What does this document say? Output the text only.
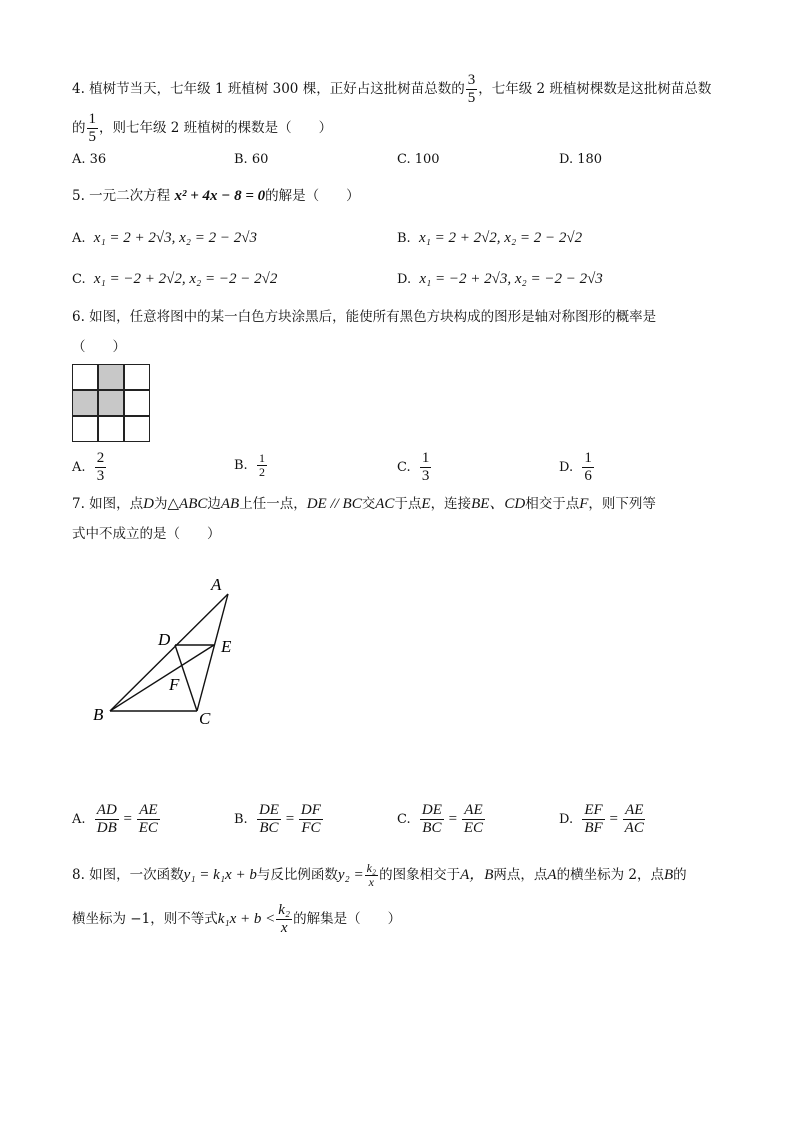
4. 植树节当天，七年级 1 班植树 300 棵，正好占这批树苗总数的 $\frac{3}{5}$ ，七年级 2 班植树棵数是这批树苗总数
的 $\frac{1}{5}$ ，则七年级 2 班植树的棵数是（　　）
A. 36	B. 60	C. 100	D. 180
5. 一元二次方程 x² + 4x − 8 = 0的解是（　　）
A. x₁ = 2 + 2√3, x₂ = 2 − 2√3	B. x₁ = 2 + 2√2, x₂ = 2 − 2√2
C. x₁ = −2 + 2√2, x₂ = −2 − 2√2	D. x₁ = −2 + 2√3, x₂ = −2 − 2√3
6. 如图，任意将图中的某一白色方块涂黑后，能使所有黑色方块构成的图形是轴对称图形的概率是
（　　）
A. $\frac{2}{3}$	B. $\frac{1}{2}$	C. $\frac{1}{3}$	D. $\frac{1}{6}$
7. 如图，点D为△ABC边AB上任一点，DE // BC交AC于点E，连接BE、CD相交于点F，则下列等
式中不成立的是（　　）
A
B	C
D	E
F
A. $\frac{AD}{DB} = \frac{AE}{EC}$	B. $\frac{DE}{BC} = \frac{DF}{FC}$	C. $\frac{DE}{BC} = \frac{AE}{EC}$	D. $\frac{EF}{BF} = \frac{AE}{AC}$
8. 如图，一次函数y₁ = k₁x + b与反比例函数$y_2 = \frac{\text{k₂}}{x}$ 的图象相交于A，B两点，点A的横坐标为 2，点B的
横坐标为 −1，则不等式$k_1x + b < \frac{\text{k₂}}{x}$ 的解集是（　　）
